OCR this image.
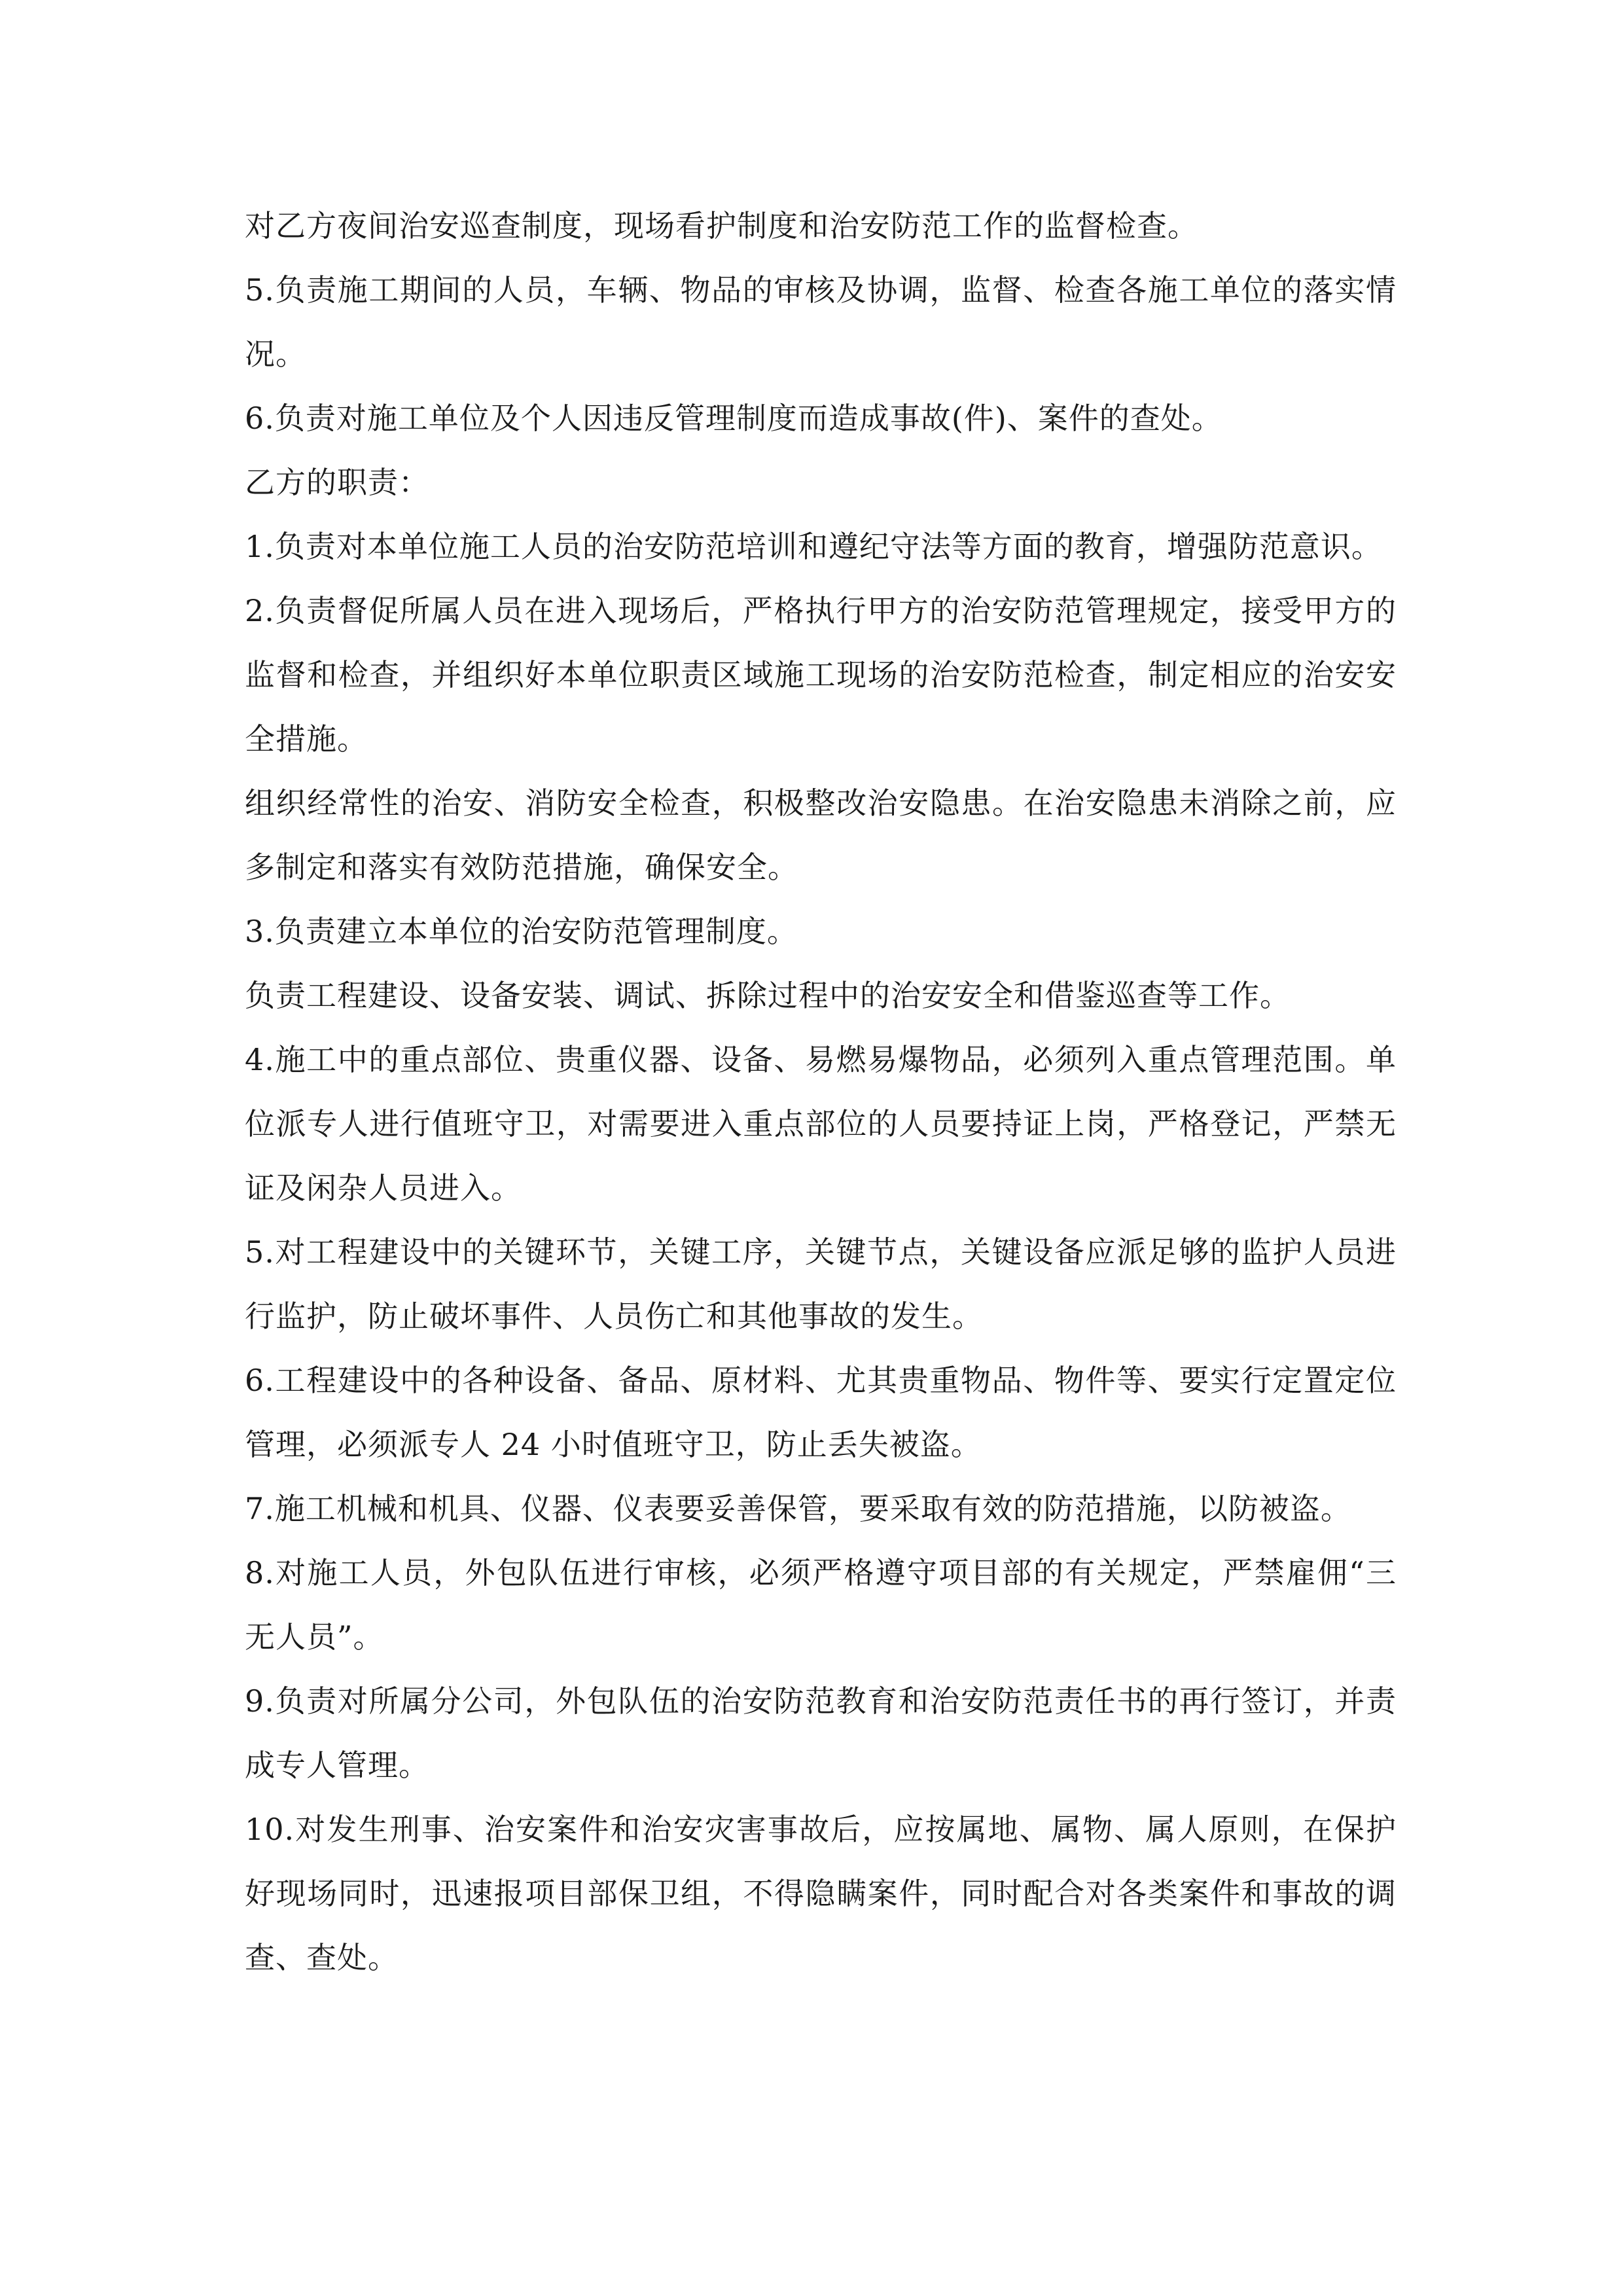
对乙方夜间治安巡查制度，现场看护制度和治安防范工作的监督检查。

5.负责施工期间的人员，车辆、物品的审核及协调，监督、检查各施工单位的落实情况。

6.负责对施工单位及个人因违反管理制度而造成事故(件)、案件的查处。

乙方的职责：

1.负责对本单位施工人员的治安防范培训和遵纪守法等方面的教育，增强防范意识。

2.负责督促所属人员在进入现场后，严格执行甲方的治安防范管理规定，接受甲方的监督和检查，并组织好本单位职责区域施工现场的治安防范检查，制定相应的治安安全措施。

组织经常性的治安、消防安全检查，积极整改治安隐患。在治安隐患未消除之前，应多制定和落实有效防范措施，确保安全。

3.负责建立本单位的治安防范管理制度。

负责工程建设、设备安装、调试、拆除过程中的治安安全和借鉴巡查等工作。

4.施工中的重点部位、贵重仪器、设备、易燃易爆物品，必须列入重点管理范围。单位派专人进行值班守卫，对需要进入重点部位的人员要持证上岗，严格登记，严禁无证及闲杂人员进入。

5.对工程建设中的关键环节，关键工序，关键节点，关键设备应派足够的监护人员进行监护，防止破坏事件、人员伤亡和其他事故的发生。

6.工程建设中的各种设备、备品、原材料、尤其贵重物品、物件等、要实行定置定位管理，必须派专人 24 小时值班守卫，防止丢失被盗。

7.施工机械和机具、仪器、仪表要妥善保管，要采取有效的防范措施，以防被盗。

8.对施工人员，外包队伍进行审核，必须严格遵守项目部的有关规定，严禁雇佣“三无人员”。

9.负责对所属分公司，外包队伍的治安防范教育和治安防范责任书的再行签订，并责成专人管理。

10.对发生刑事、治安案件和治安灾害事故后，应按属地、属物、属人原则，在保护好现场同时，迅速报项目部保卫组，不得隐瞒案件，同时配合对各类案件和事故的调查、查处。
